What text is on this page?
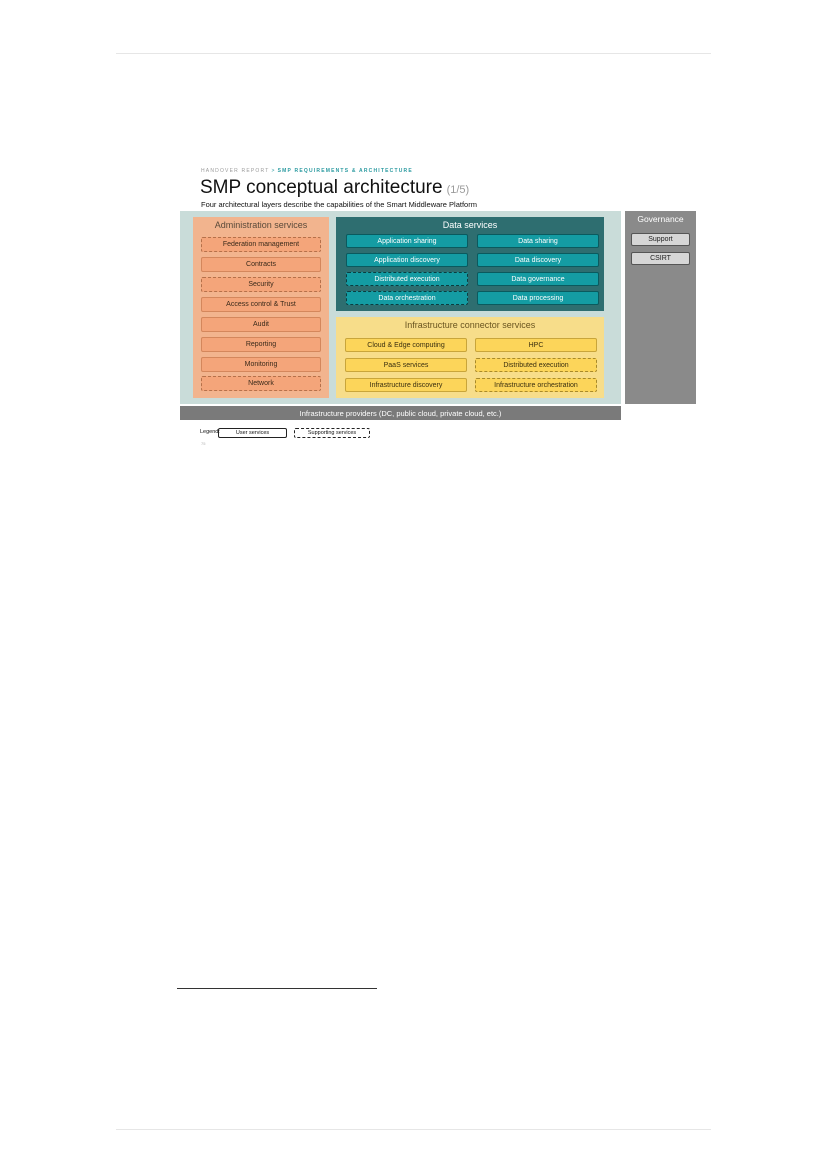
HANDOVER REPORT > SMP REQUIREMENTS & ARCHITECTURE
SMP conceptual architecture (1/5)
Four architectural layers describe the capabilities of the Smart Middleware Platform
Administration services
Federation management
Contracts
Security
Access control & Trust
Audit
Reporting
Monitoring
Network
Data services
Application sharing
Application discovery
Distributed execution
Data orchestration
Data sharing
Data discovery
Data governance
Data processing
Infrastructure connector services
Cloud & Edge computing
PaaS services
Infrastructure discovery
HPC
Distributed execution
Infrastructure orchestration
Governance
Support
CSIRT
Infrastructure providers (DC, public cloud, private cloud, etc.)
Legend:	User services	Supporting services
75
